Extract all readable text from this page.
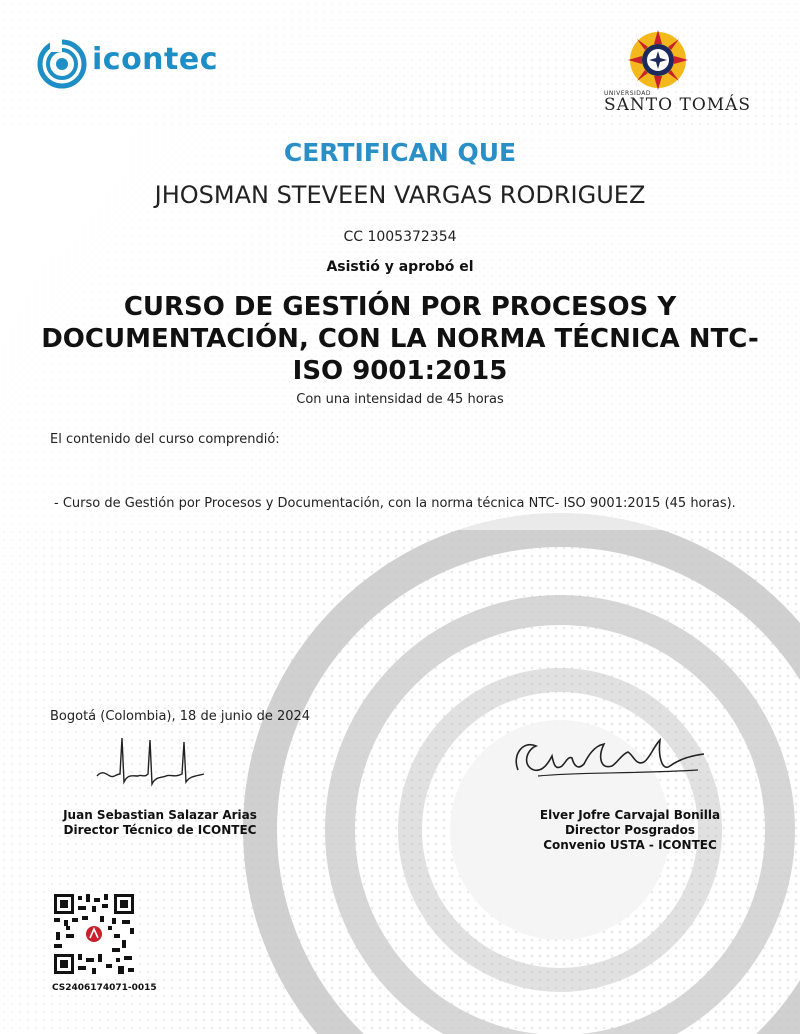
icontec
UNIVERSIDAD
SANTO TOMÁS
CERTIFICAN QUE
JHOSMAN STEVEEN VARGAS RODRIGUEZ
CC 1005372354
Asistió y aprobó el
CURSO DE GESTIÓN POR PROCESOS Y DOCUMENTACIÓN, CON LA NORMA TÉCNICA NTC-ISO 9001:2015
Con una intensidad de 45 horas
El contenido del curso comprendió:
- Curso de Gestión por Procesos y Documentación, con la norma técnica NTC- ISO 9001:2015 (45 horas).
Bogotá (Colombia), 18 de junio de 2024
Juan Sebastian Salazar Arias
Director Técnico de ICONTEC
Elver Jofre Carvajal Bonilla
Director Posgrados
Convenio USTA - ICONTEC
CS2406174071-0015
